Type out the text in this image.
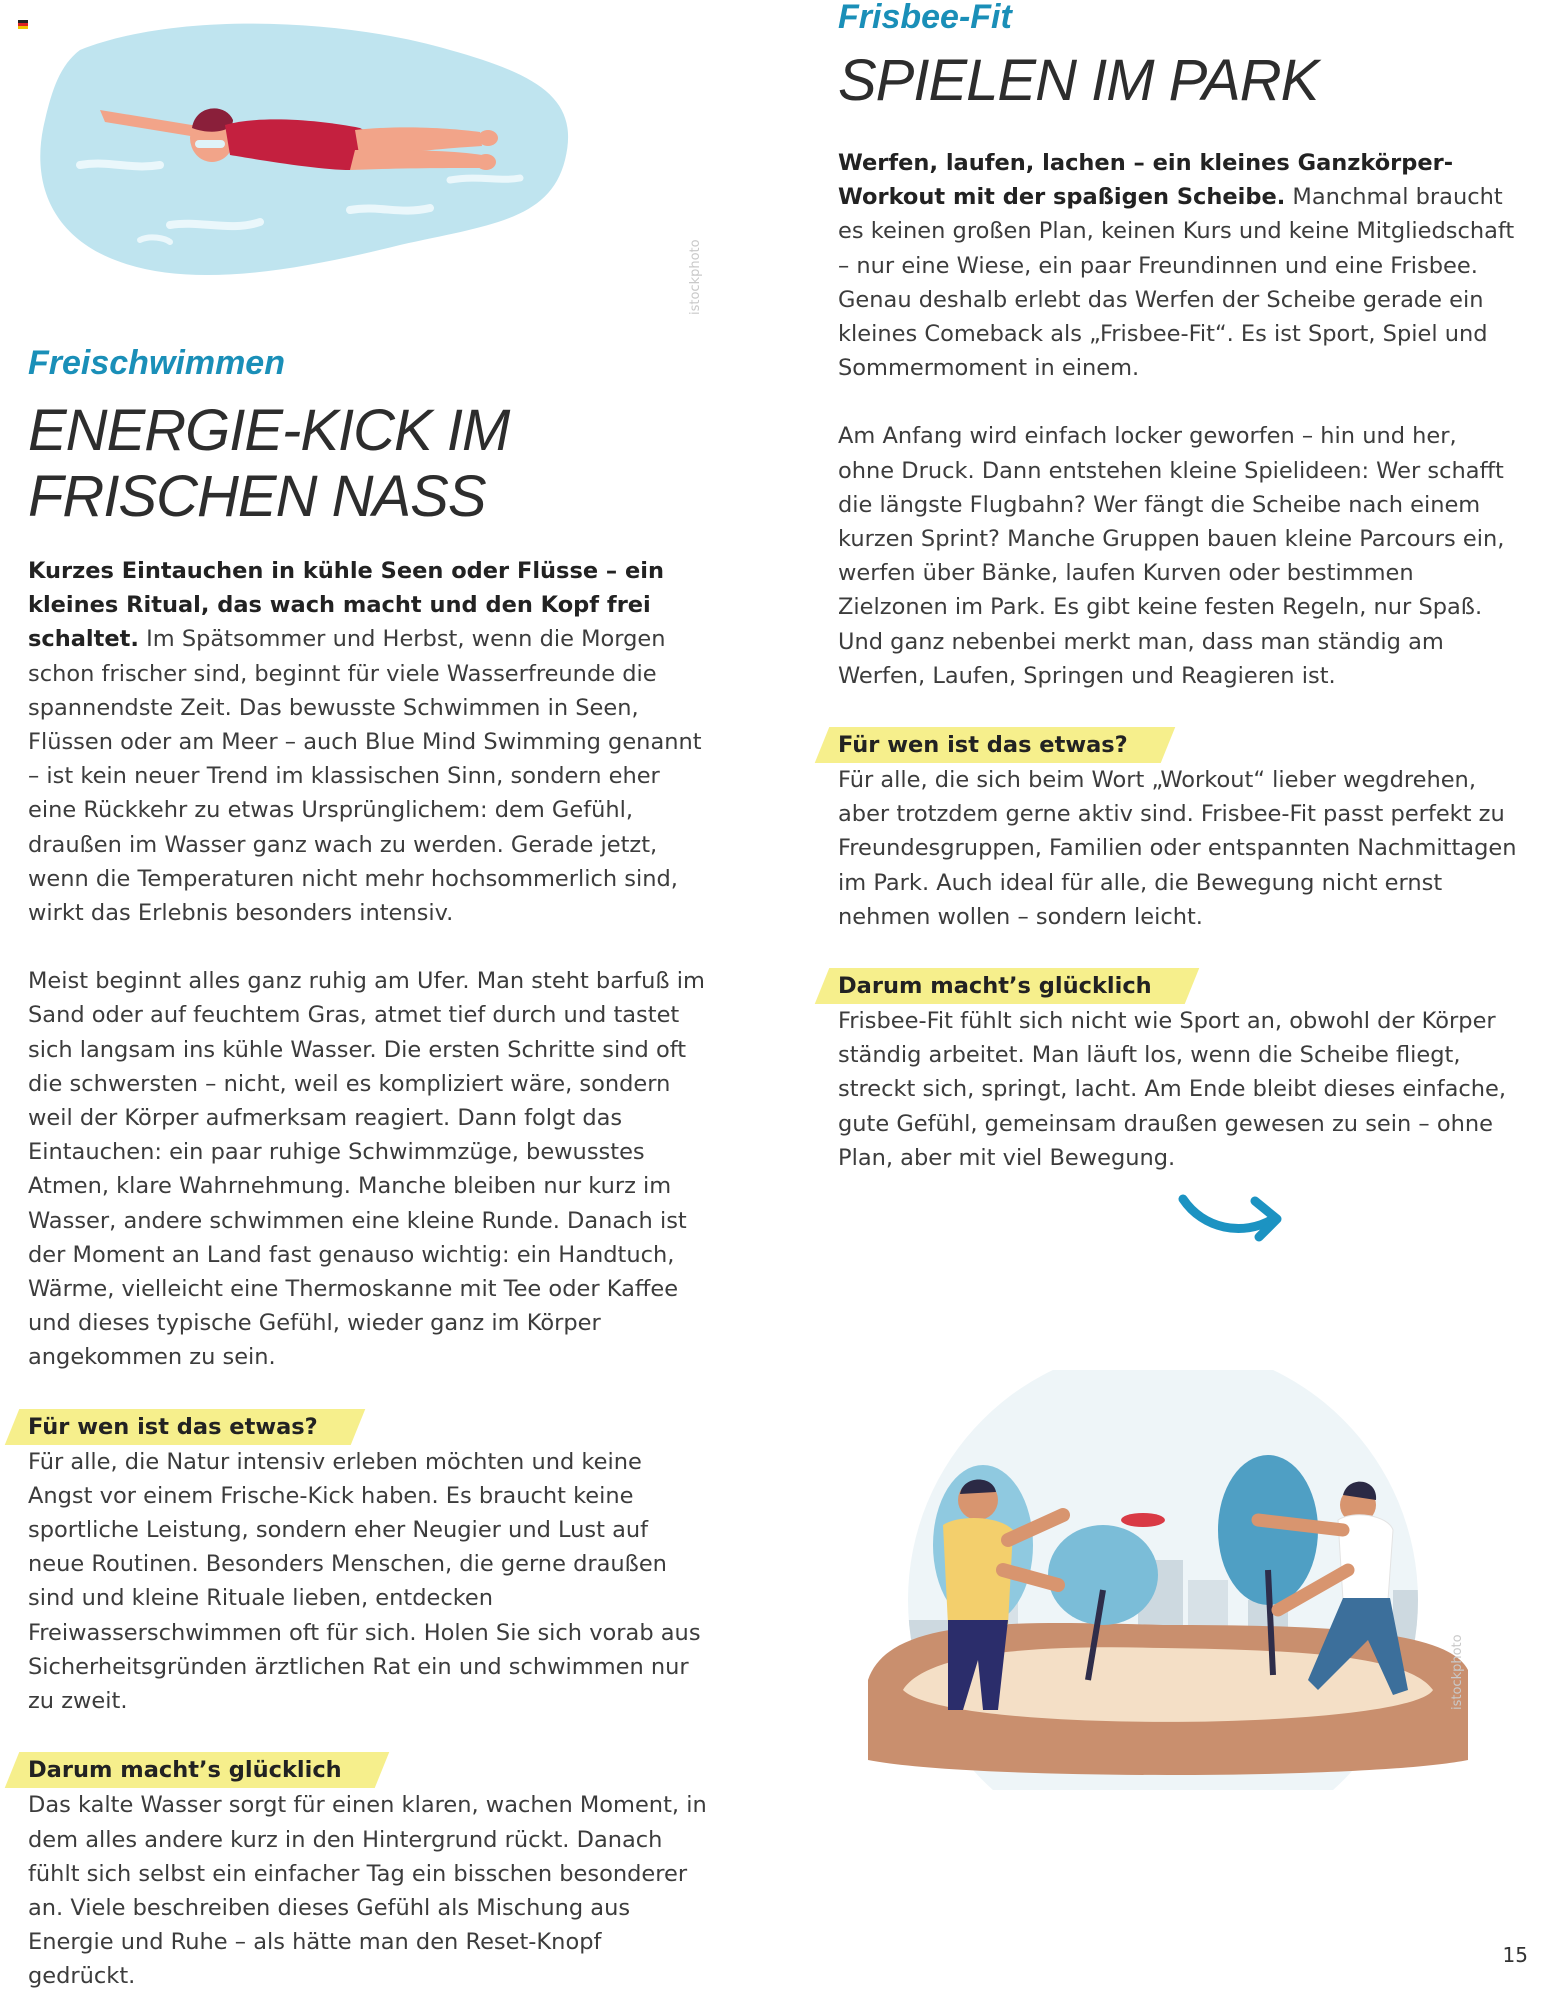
istockphoto
Freischwimmen
ENERGIE-KICK IM
FRISCHEN NASS

Kurzes Eintauchen in kühle Seen oder Flüsse – ein kleines Ritual, das wach macht und den Kopf frei schaltet. Im Spätsommer und Herbst, wenn die Morgen schon frischer sind, beginnt für viele Wasserfreunde die spannendste Zeit. Das bewusste Schwimmen in Seen, Flüssen oder am Meer – auch Blue Mind Swimming genannt – ist kein neuer Trend im klassischen Sinn, sondern eher eine Rückkehr zu etwas Ursprünglichem: dem Gefühl, draußen im Wasser ganz wach zu werden. Gerade jetzt, wenn die Temperaturen nicht mehr hochsommerlich sind, wirkt das Erlebnis besonders intensiv.

Meist beginnt alles ganz ruhig am Ufer. Man steht barfuß im Sand oder auf feuchtem Gras, atmet tief durch und tastet sich langsam ins kühle Wasser. Die ersten Schritte sind oft die schwersten – nicht, weil es kompliziert wäre, sondern weil der Körper aufmerksam reagiert. Dann folgt das Eintauchen: ein paar ruhige Schwimmzüge, bewusstes Atmen, klare Wahrnehmung. Manche bleiben nur kurz im Wasser, andere schwimmen eine kleine Runde. Danach ist der Moment an Land fast genauso wichtig: ein Handtuch, Wärme, vielleicht eine Thermoskanne mit Tee oder Kaffee und dieses typische Gefühl, wieder ganz im Körper angekommen zu sein.

Für wen ist das etwas?

Für alle, die Natur intensiv erleben möchten und keine Angst vor einem Frische-Kick haben. Es braucht keine sportliche Leistung, sondern eher Neugier und Lust auf neue Routinen. Besonders Menschen, die gerne draußen sind und kleine Rituale lieben, entdecken Freiwasserschwimmen oft für sich. Holen Sie sich vorab aus Sicherheitsgründen ärztlichen Rat ein und schwimmen nur zu zweit.

Darum macht’s glücklich

Das kalte Wasser sorgt für einen klaren, wachen Moment, in dem alles andere kurz in den Hintergrund rückt. Danach fühlt sich selbst ein einfacher Tag ein bisschen besonderer an. Viele beschreiben dieses Gefühl als Mischung aus Energie und Ruhe – als hätte man den Reset-Knopf gedrückt.

Frisbee-Fit
SPIELEN IM PARK

Werfen, laufen, lachen – ein kleines Ganzkörper-Workout mit der spaßigen Scheibe. Manchmal braucht es keinen großen Plan, keinen Kurs und keine Mitgliedschaft – nur eine Wiese, ein paar Freundinnen und eine Frisbee. Genau deshalb erlebt das Werfen der Scheibe gerade ein kleines Comeback als „Frisbee-Fit“. Es ist Sport, Spiel und Sommermoment in einem.

Am Anfang wird einfach locker geworfen – hin und her, ohne Druck. Dann entstehen kleine Spielideen: Wer schafft die längste Flugbahn? Wer fängt die Scheibe nach einem kurzen Sprint? Manche Gruppen bauen kleine Parcours ein, werfen über Bänke, laufen Kurven oder bestimmen Zielzonen im Park. Es gibt keine festen Regeln, nur Spaß. Und ganz nebenbei merkt man, dass man ständig am Werfen, Laufen, Springen und Reagieren ist.

Für wen ist das etwas?

Für alle, die sich beim Wort „Workout“ lieber wegdrehen, aber trotzdem gerne aktiv sind. Frisbee-Fit passt perfekt zu Freundesgruppen, Familien oder entspannten Nachmittagen im Park. Auch ideal für alle, die Bewegung nicht ernst nehmen wollen – sondern leicht.

Darum macht’s glücklich

Frisbee-Fit fühlt sich nicht wie Sport an, obwohl der Körper ständig arbeitet. Man läuft los, wenn die Scheibe fliegt, streckt sich, springt, lacht. Am Ende bleibt dieses einfache, gute Gefühl, gemeinsam draußen gewesen zu sein – ohne Plan, aber mit viel Bewegung.

istockphoto
15
